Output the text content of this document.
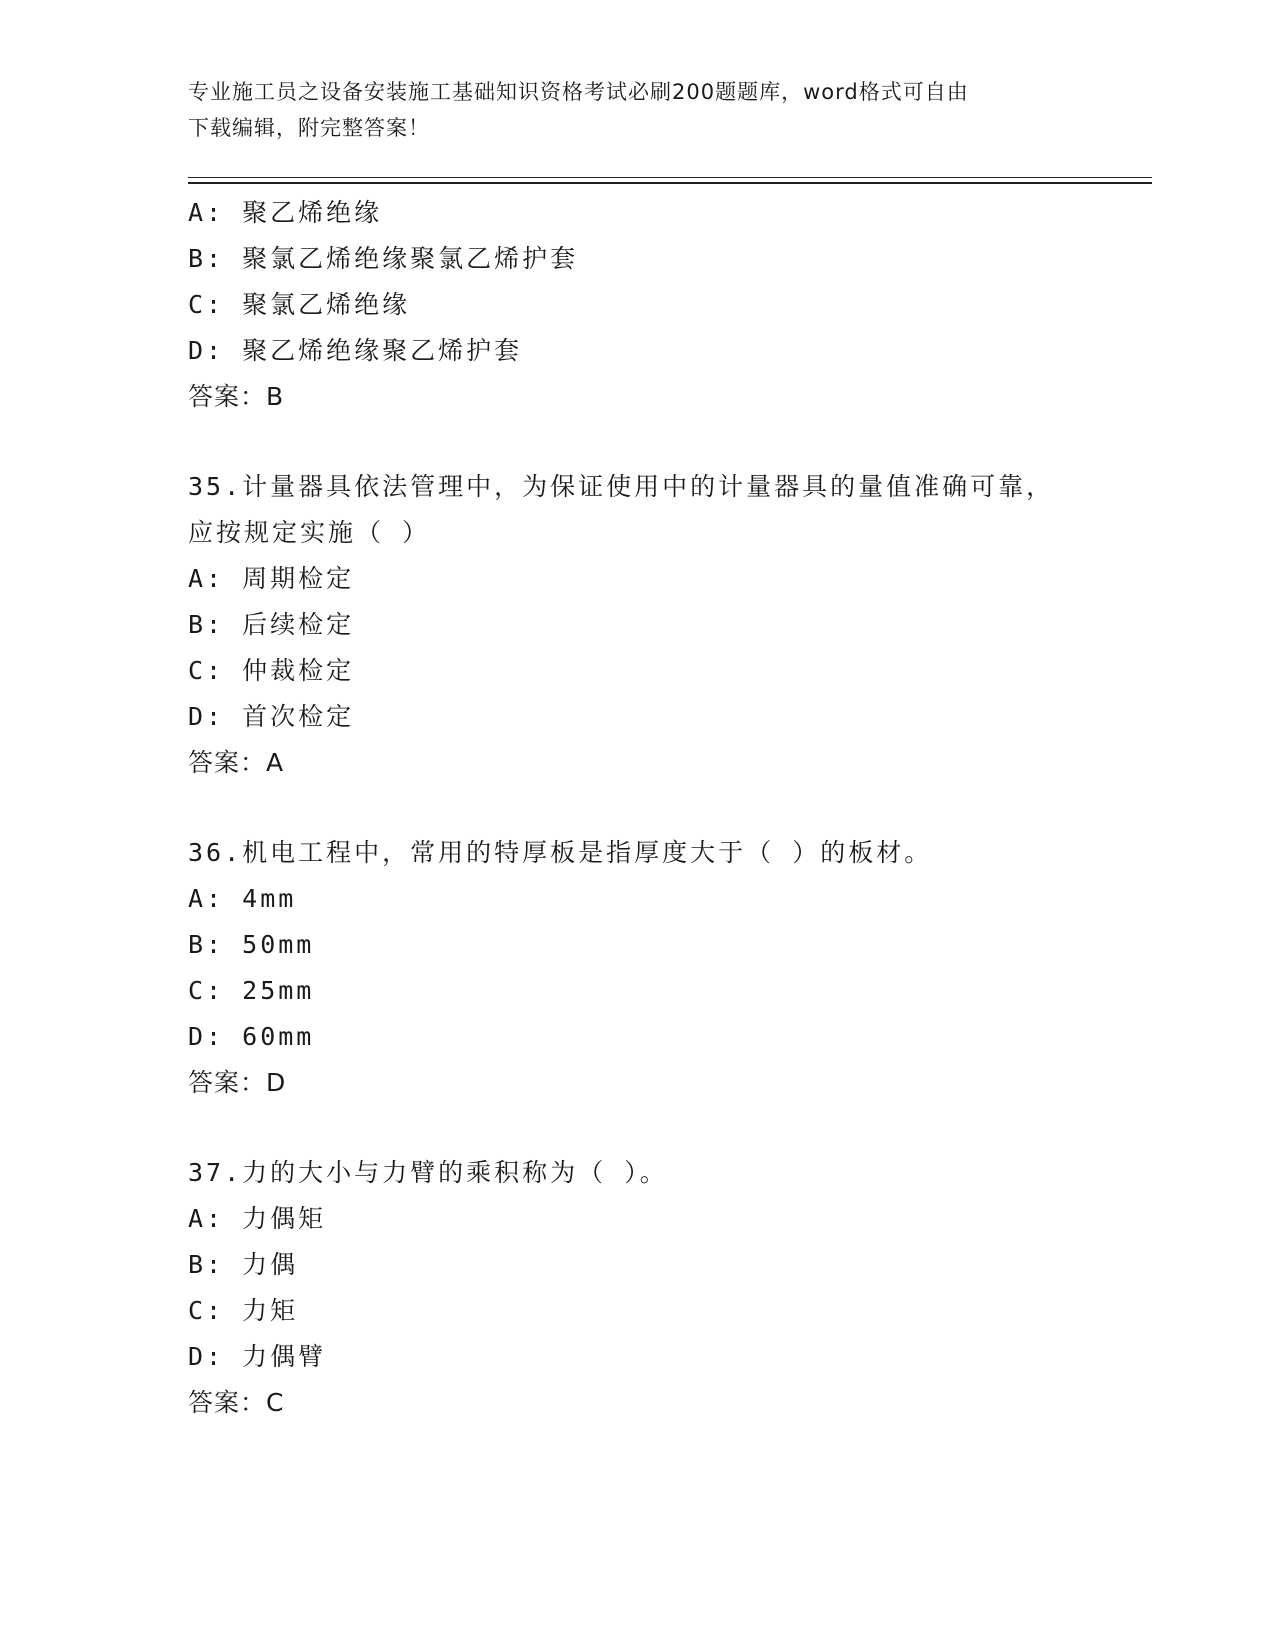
专业施工员之设备安装施工基础知识资格考试必刷200题题库，word格式可自由
下载编辑，附完整答案！
A: 聚乙烯绝缘
B: 聚氯乙烯绝缘聚氯乙烯护套
C: 聚氯乙烯绝缘
D: 聚乙烯绝缘聚乙烯护套
答案：B
35.计量器具依法管理中，为保证使用中的计量器具的量值准确可靠，
应按规定实施（ ）
A: 周期检定
B: 后续检定
C: 仲裁检定
D: 首次检定
答案：A
36.机电工程中，常用的特厚板是指厚度大于（ ）的板材。
A: 4mm
B: 50mm
C: 25mm
D: 60mm
答案：D
37.力的大小与力臂的乘积称为（ ）。
A: 力偶矩
B: 力偶
C: 力矩
D: 力偶臂
答案：C
